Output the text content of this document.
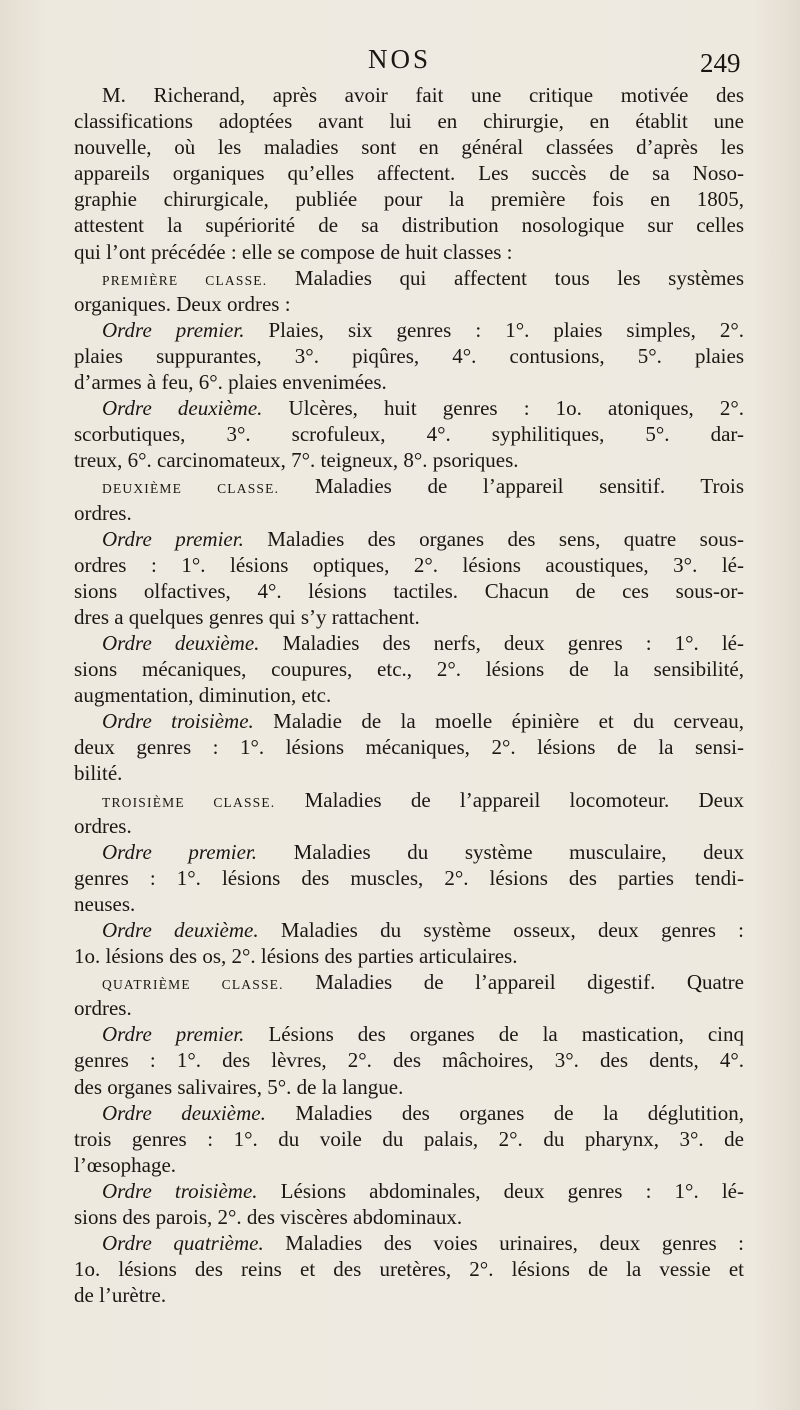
NOS	249
M. Richerand, après avoir fait une critique motivée des
classifications adoptées avant lui en chirurgie, en établit une
nouvelle, où les maladies sont en général classées d’après les
appareils organiques qu’elles affectent. Les succès de sa Noso-
graphie chirurgicale, publiée pour la première fois en 1805,
attestent la supériorité de sa distribution nosologique sur celles
qui l’ont précédée : elle se compose de huit classes :
PREMIÈRE CLASSE. Maladies qui affectent tous les systèmes
organiques. Deux ordres :
Ordre premier. Plaies, six genres : 1°. plaies simples, 2°.
plaies suppurantes, 3°. piqûres, 4°. contusions, 5°. plaies
d’armes à feu, 6°. plaies envenimées.
Ordre deuxième. Ulcères, huit genres : 1o. atoniques, 2°.
scorbutiques, 3°. scrofuleux, 4°. syphilitiques, 5°. dar-
treux, 6°. carcinomateux, 7°. teigneux, 8°. psoriques.
DEUXIÈME CLASSE. Maladies de l’appareil sensitif. Trois
ordres.
Ordre premier. Maladies des organes des sens, quatre sous-
ordres : 1°. lésions optiques, 2°. lésions acoustiques, 3°. lé-
sions olfactives, 4°. lésions tactiles. Chacun de ces sous-or-
dres a quelques genres qui s’y rattachent.
Ordre deuxième. Maladies des nerfs, deux genres : 1°. lé-
sions mécaniques, coupures, etc., 2°. lésions de la sensibilité,
augmentation, diminution, etc.
Ordre troisième. Maladie de la moelle épinière et du cerveau,
deux genres : 1°. lésions mécaniques, 2°. lésions de la sensi-
bilité.
TROISIÈME CLASSE. Maladies de l’appareil locomoteur. Deux
ordres.
Ordre premier. Maladies du système musculaire, deux
genres : 1°. lésions des muscles, 2°. lésions des parties tendi-
neuses.
Ordre deuxième. Maladies du système osseux, deux genres :
1o. lésions des os, 2°. lésions des parties articulaires.
QUATRIÈME CLASSE. Maladies de l’appareil digestif. Quatre
ordres.
Ordre premier. Lésions des organes de la mastication, cinq
genres : 1°. des lèvres, 2°. des mâchoires, 3°. des dents, 4°.
des organes salivaires, 5°. de la langue.
Ordre deuxième. Maladies des organes de la déglutition,
trois genres : 1°. du voile du palais, 2°. du pharynx, 3°. de
l’œsophage.
Ordre troisième. Lésions abdominales, deux genres : 1°. lé-
sions des parois, 2°. des viscères abdominaux.
Ordre quatrième. Maladies des voies urinaires, deux genres :
1o. lésions des reins et des uretères, 2°. lésions de la vessie et
de l’urètre.
